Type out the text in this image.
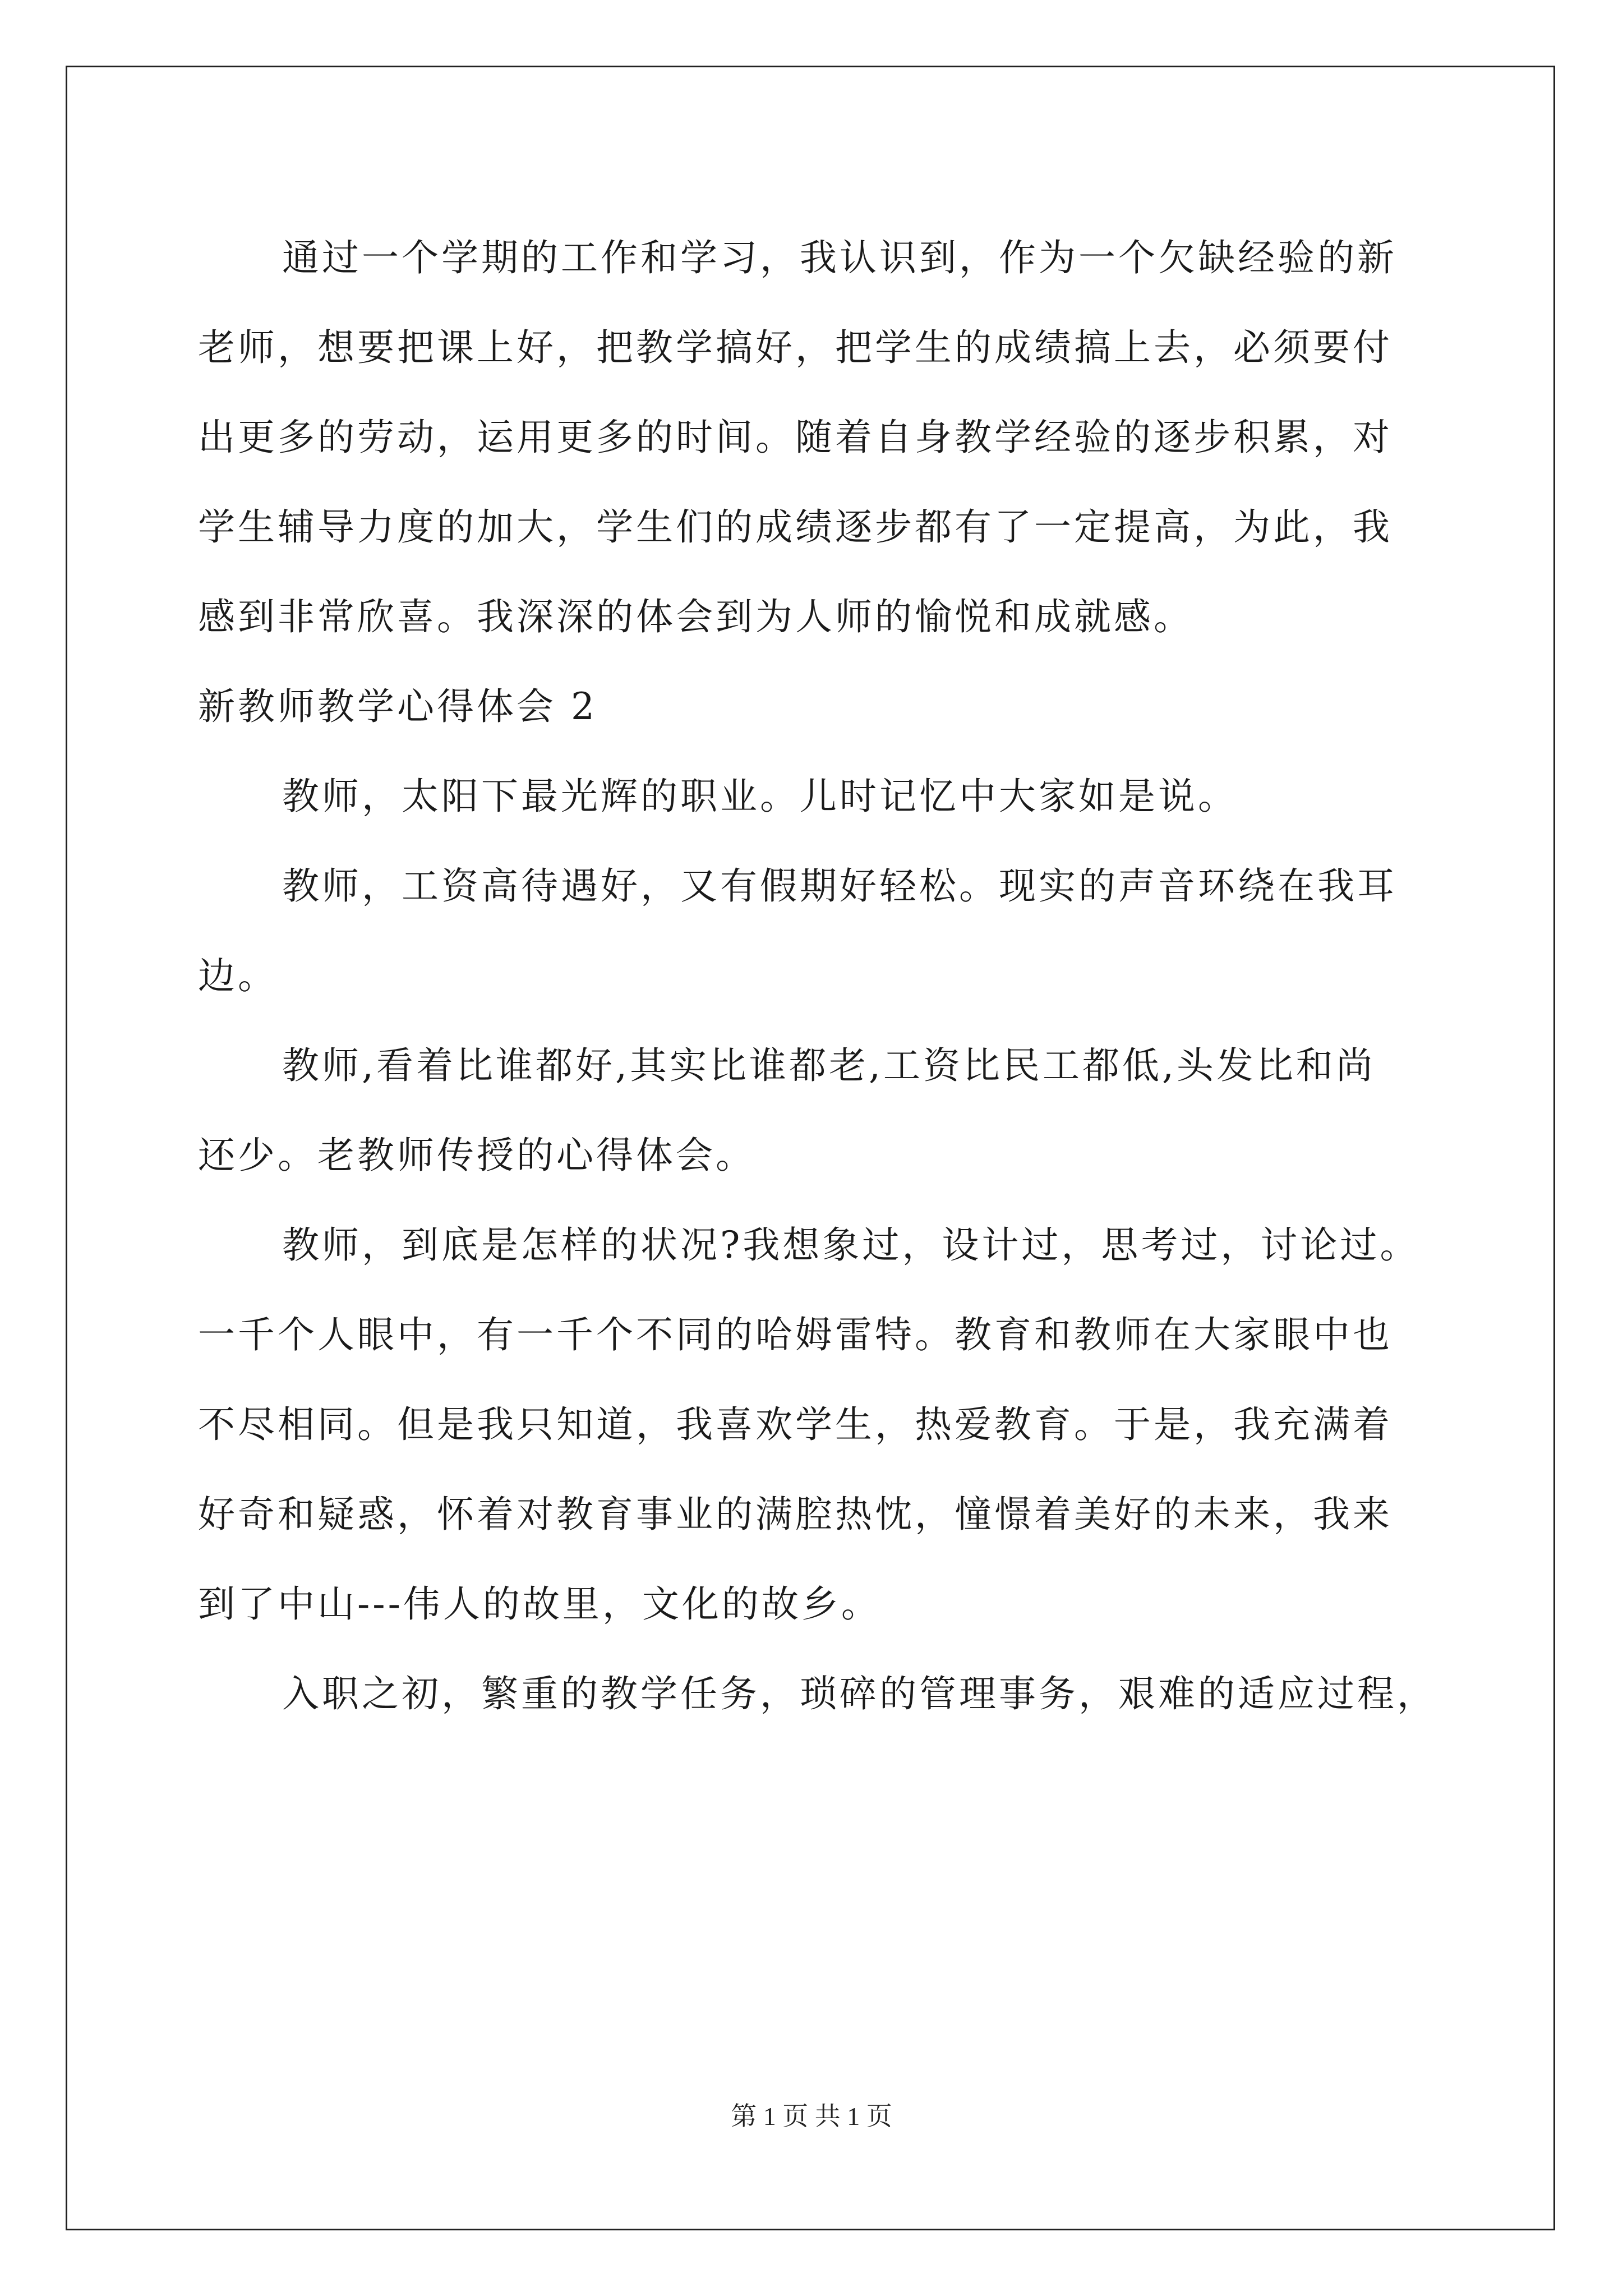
通过一个学期的工作和学习，我认识到，作为一个欠缺经验的新
老师，想要把课上好，把教学搞好，把学生的成绩搞上去，必须要付
出更多的劳动，运用更多的时间。随着自身教学经验的逐步积累，对
学生辅导力度的加大，学生们的成绩逐步都有了一定提高，为此，我
感到非常欣喜。我深深的体会到为人师的愉悦和成就感。
新教师教学心得体会 2
教师，太阳下最光辉的职业。儿时记忆中大家如是说。
教师，工资高待遇好，又有假期好轻松。现实的声音环绕在我耳
边。
教师,看着比谁都好,其实比谁都老,工资比民工都低,头发比和尚
还少。老教师传授的心得体会。
教师，到底是怎样的状况?我想象过，设计过，思考过，讨论过。
一千个人眼中，有一千个不同的哈姆雷特。教育和教师在大家眼中也
不尽相同。但是我只知道，我喜欢学生，热爱教育。于是，我充满着
好奇和疑惑，怀着对教育事业的满腔热忱，憧憬着美好的未来，我来
到了中山---伟人的故里，文化的故乡。
入职之初，繁重的教学任务，琐碎的管理事务，艰难的适应过程，
第 1 页 共 1 页
